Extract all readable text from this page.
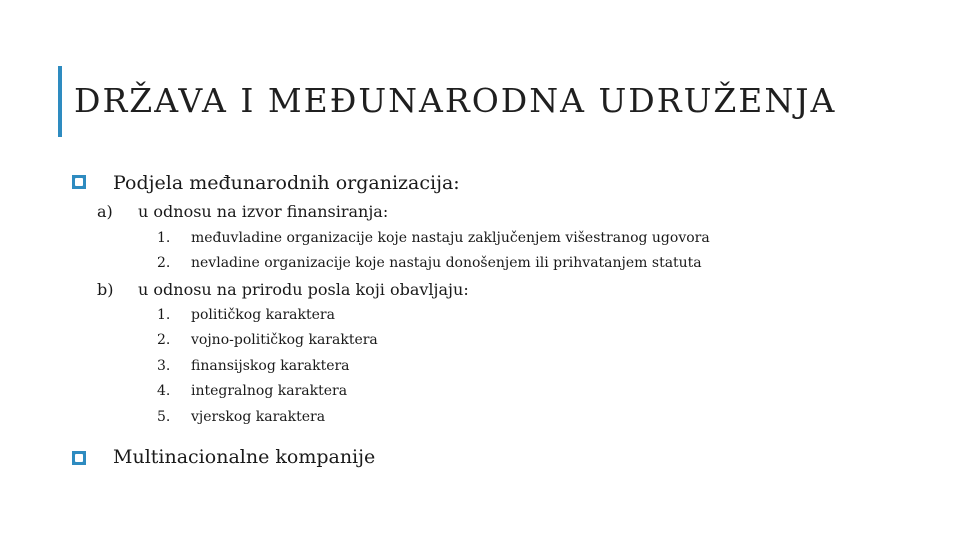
DRŽAVA I MEĐUNARODNA UDRUŽENJA
Podjela međunarodnih organizacija:
a) u odnosu na izvor finansiranja:
1. međuvladine organizacije koje nastaju zaključenjem višestranog ugovora
2. nevladine organizacije koje nastaju donošenjem ili prihvatanjem statuta
b) u odnosu na prirodu posla koji obavljaju:
1. političkog karaktera
2. vojno-političkog karaktera
3. finansijskog karaktera
4. integralnog karaktera
5. vjerskog karaktera
Multinacionalne kompanije
